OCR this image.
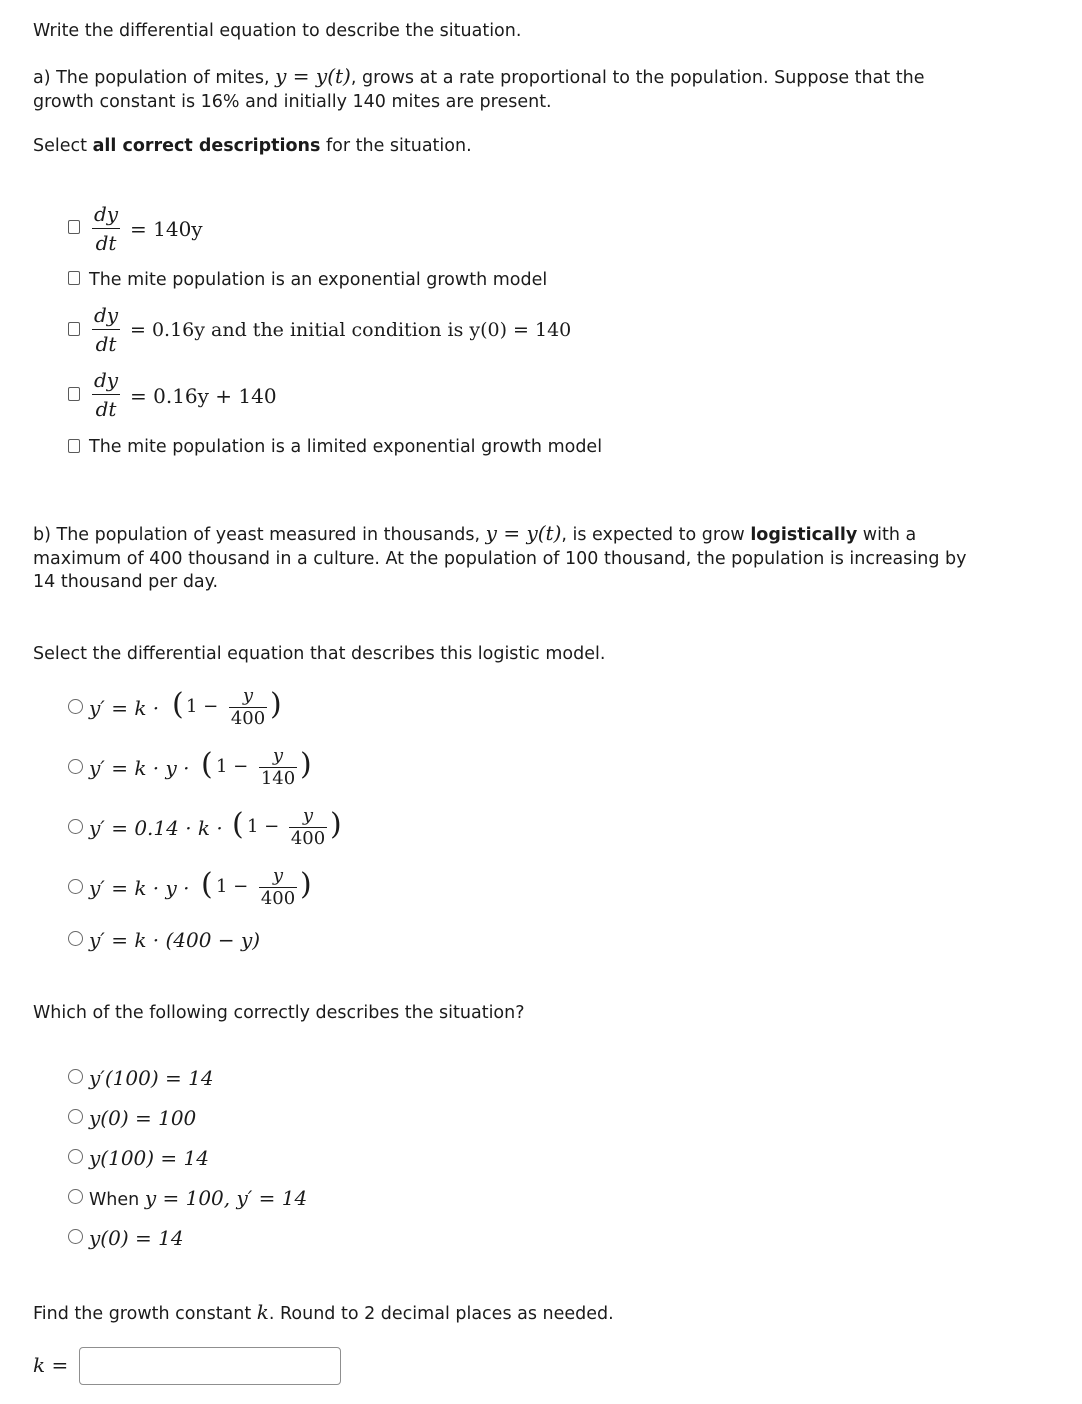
Write the differential equation to describe the situation.
a) The population of mites, y = y(t), grows at a rate proportional to the population. Suppose that the
growth constant is 16% and initially 140 mites are present.
Select all correct descriptions for the situation.
dy
dt
= 140y
The mite population is an exponential growth model
dy
dt
= 0.16y and the initial condition is y(0) = 140
dy
dt
= 0.16y + 140
The mite population is a limited exponential growth model
b) The population of yeast measured in thousands, y = y(t), is expected to grow logistically with a
maximum of 400 thousand in a culture. At the population of 100 thousand, the population is increasing by
14 thousand per day.
Select the differential equation that describes this logistic model.
y′ = k · ( 1 −
y
400 )
y′ = k · y · ( 1 −
y
140 )
y′ = 0.14 · k · ( 1 −
y
400 )
y′ = k · y · ( 1 −
y
400 )
y′ = k · (400 − y)
Which of the following correctly describes the situation?
y′(100) = 14
y(0) = 100
y(100) = 14
When y = 100, y′ = 14
y(0) = 14
Find the growth constant k. Round to 2 decimal places as needed.
k =
